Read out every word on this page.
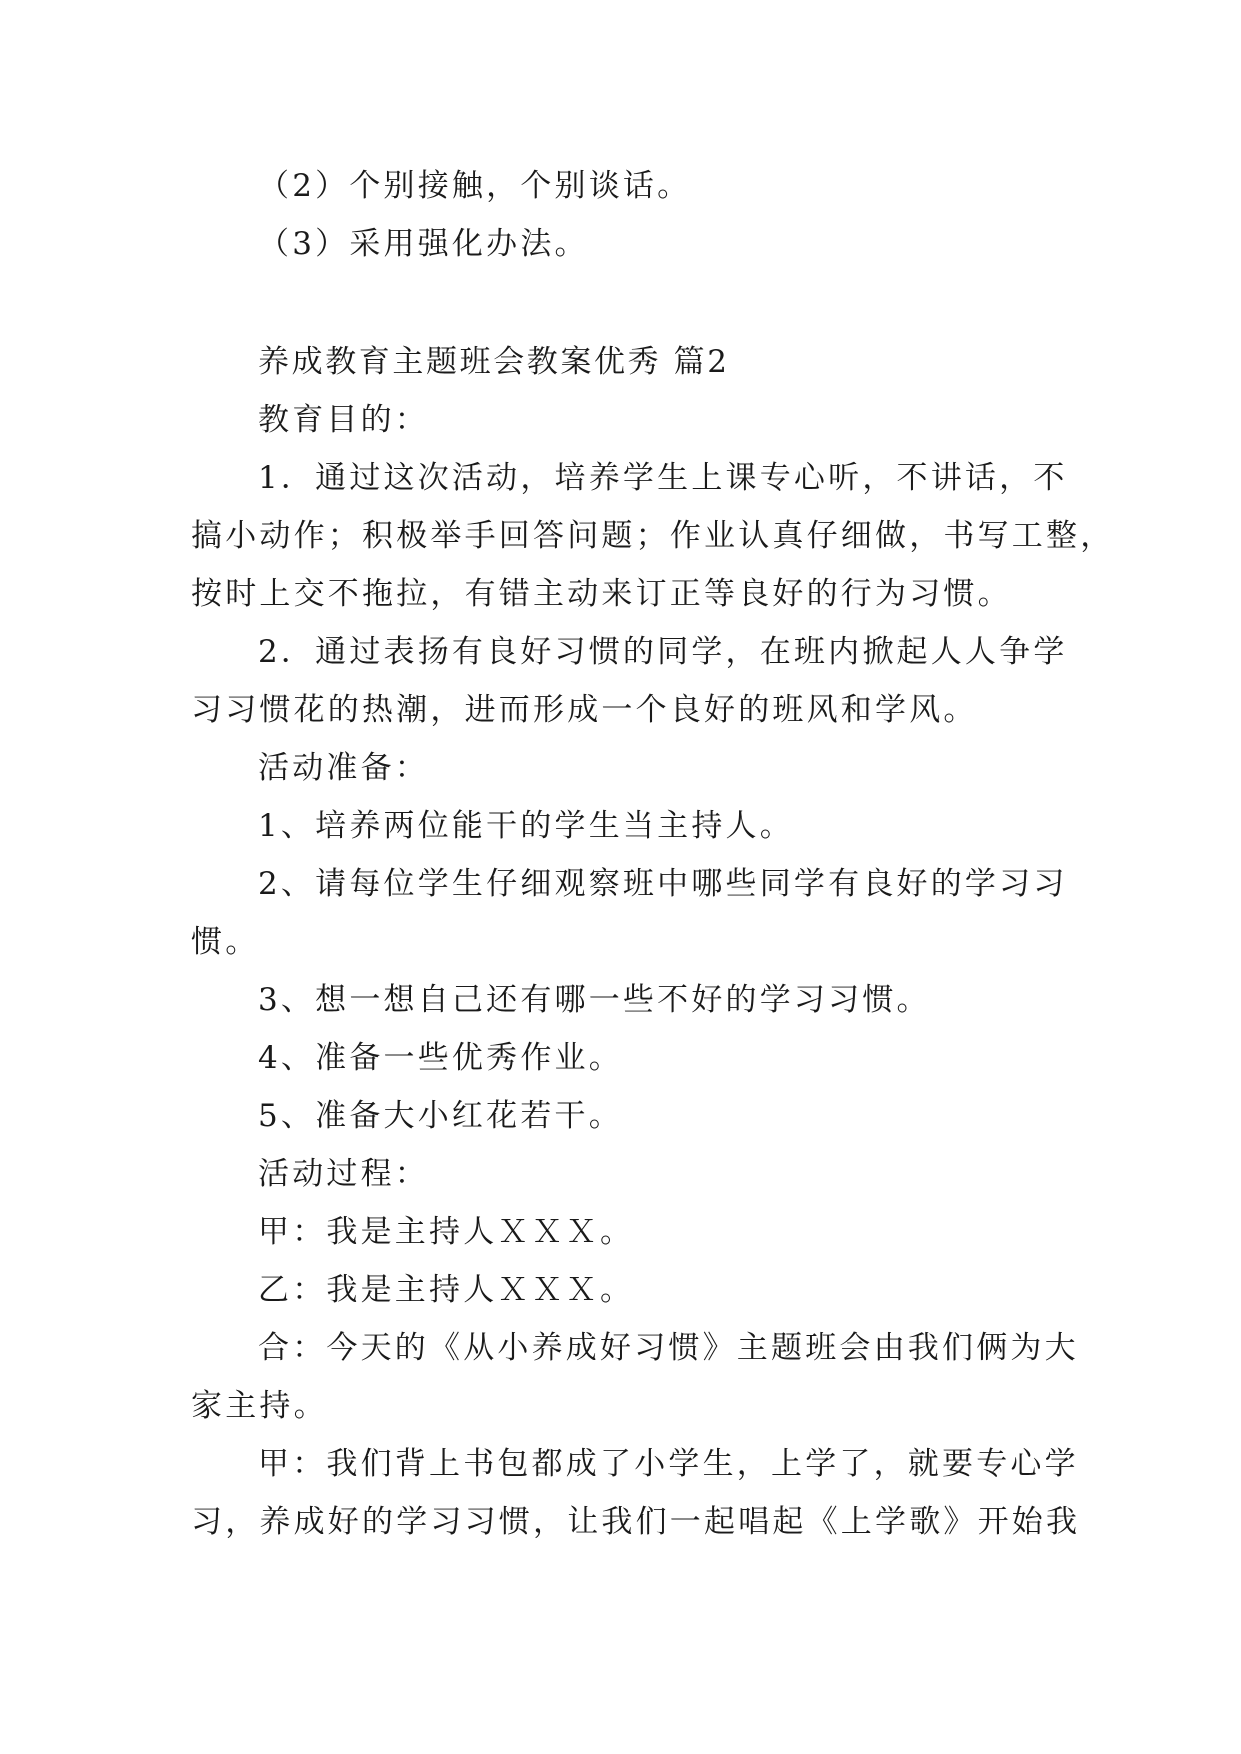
（2）个别接触，个别谈话。
（3）采用强化办法。
养成教育主题班会教案优秀 篇2
教育目的：
1．通过这次活动，培养学生上课专心听，不讲话，不
搞小动作；积极举手回答问题；作业认真仔细做，书写工整，
按时上交不拖拉，有错主动来订正等良好的行为习惯。
2．通过表扬有良好习惯的同学，在班内掀起人人争学
习习惯花的热潮，进而形成一个良好的班风和学风。
活动准备：
1、培养两位能干的学生当主持人。
2、请每位学生仔细观察班中哪些同学有良好的学习习
惯。
3、想一想自己还有哪一些不好的学习习惯。
4、准备一些优秀作业。
5、准备大小红花若干。
活动过程：
甲：我是主持人ＸＸＸ。
乙：我是主持人ＸＸＸ。
合：今天的《从小养成好习惯》主题班会由我们俩为大
家主持。
甲：我们背上书包都成了小学生，上学了，就要专心学
习，养成好的学习习惯，让我们一起唱起《上学歌》开始我
